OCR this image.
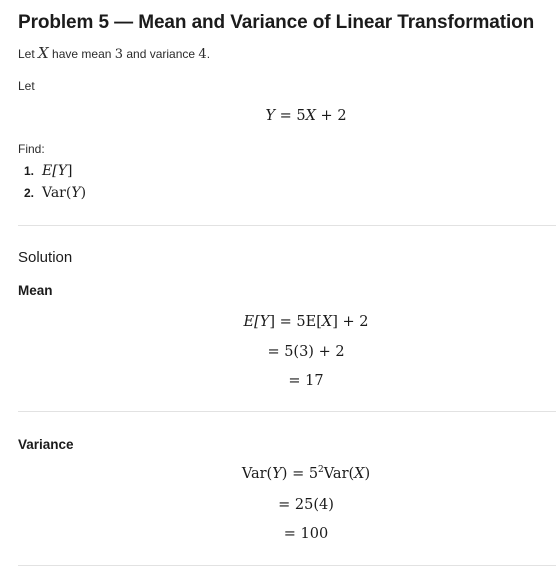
Problem 5 — Mean and Variance of Linear Transformation
Let X have mean 3 and variance 4.
Let
Y = 5X + 2
Find:
1. E[Y]
2. Var(Y)
Solution
Mean
E[Y] = 5E[X] + 2
= 5(3) + 2
= 17
Variance
$Var(Y) = 5^2Var(X)$
= 25(4)
= 100
